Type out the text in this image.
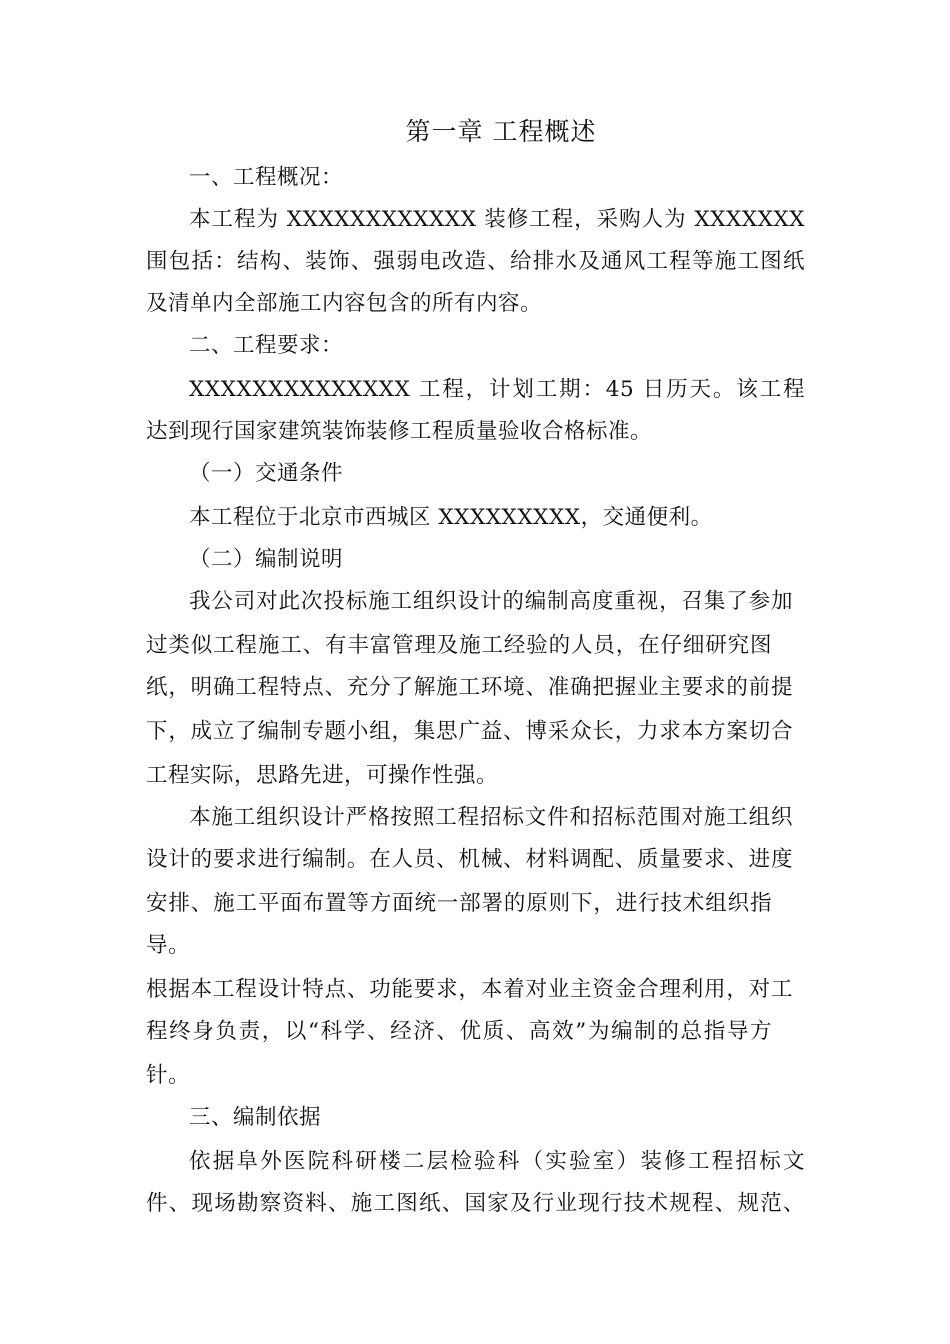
第一章 工程概述
一、工程概况：
本工程为 XXXXXXXXXXXX 装修工程，采购人为 XXXXXXX
围包括：结构、装饰、强弱电改造、给排水及通风工程等施工图纸
及清单内全部施工内容包含的所有内容。
二、工程要求：
XXXXXXXXXXXXXX 工程，计划工期：45 日历天。该工程
达到现行国家建筑装饰装修工程质量验收合格标准。
（一）交通条件
本工程位于北京市西城区 XXXXXXXXX，交通便利。
（二）编制说明
我公司对此次投标施工组织设计的编制高度重视，召集了参加
过类似工程施工、有丰富管理及施工经验的人员，在仔细研究图
纸，明确工程特点、充分了解施工环境、准确把握业主要求的前提
下，成立了编制专题小组，集思广益、博采众长，力求本方案切合
工程实际，思路先进，可操作性强。
本施工组织设计严格按照工程招标文件和招标范围对施工组织
设计的要求进行编制。在人员、机械、材料调配、质量要求、进度
安排、施工平面布置等方面统一部署的原则下，进行技术组织指
导。
根据本工程设计特点、功能要求，本着对业主资金合理利用，对工
程终身负责，以“科学、经济、优质、高效”为编制的总指导方
针。
三、编制依据
依据阜外医院科研楼二层检验科（实验室）装修工程招标文
件、现场勘察资料、施工图纸、国家及行业现行技术规程、规范、
